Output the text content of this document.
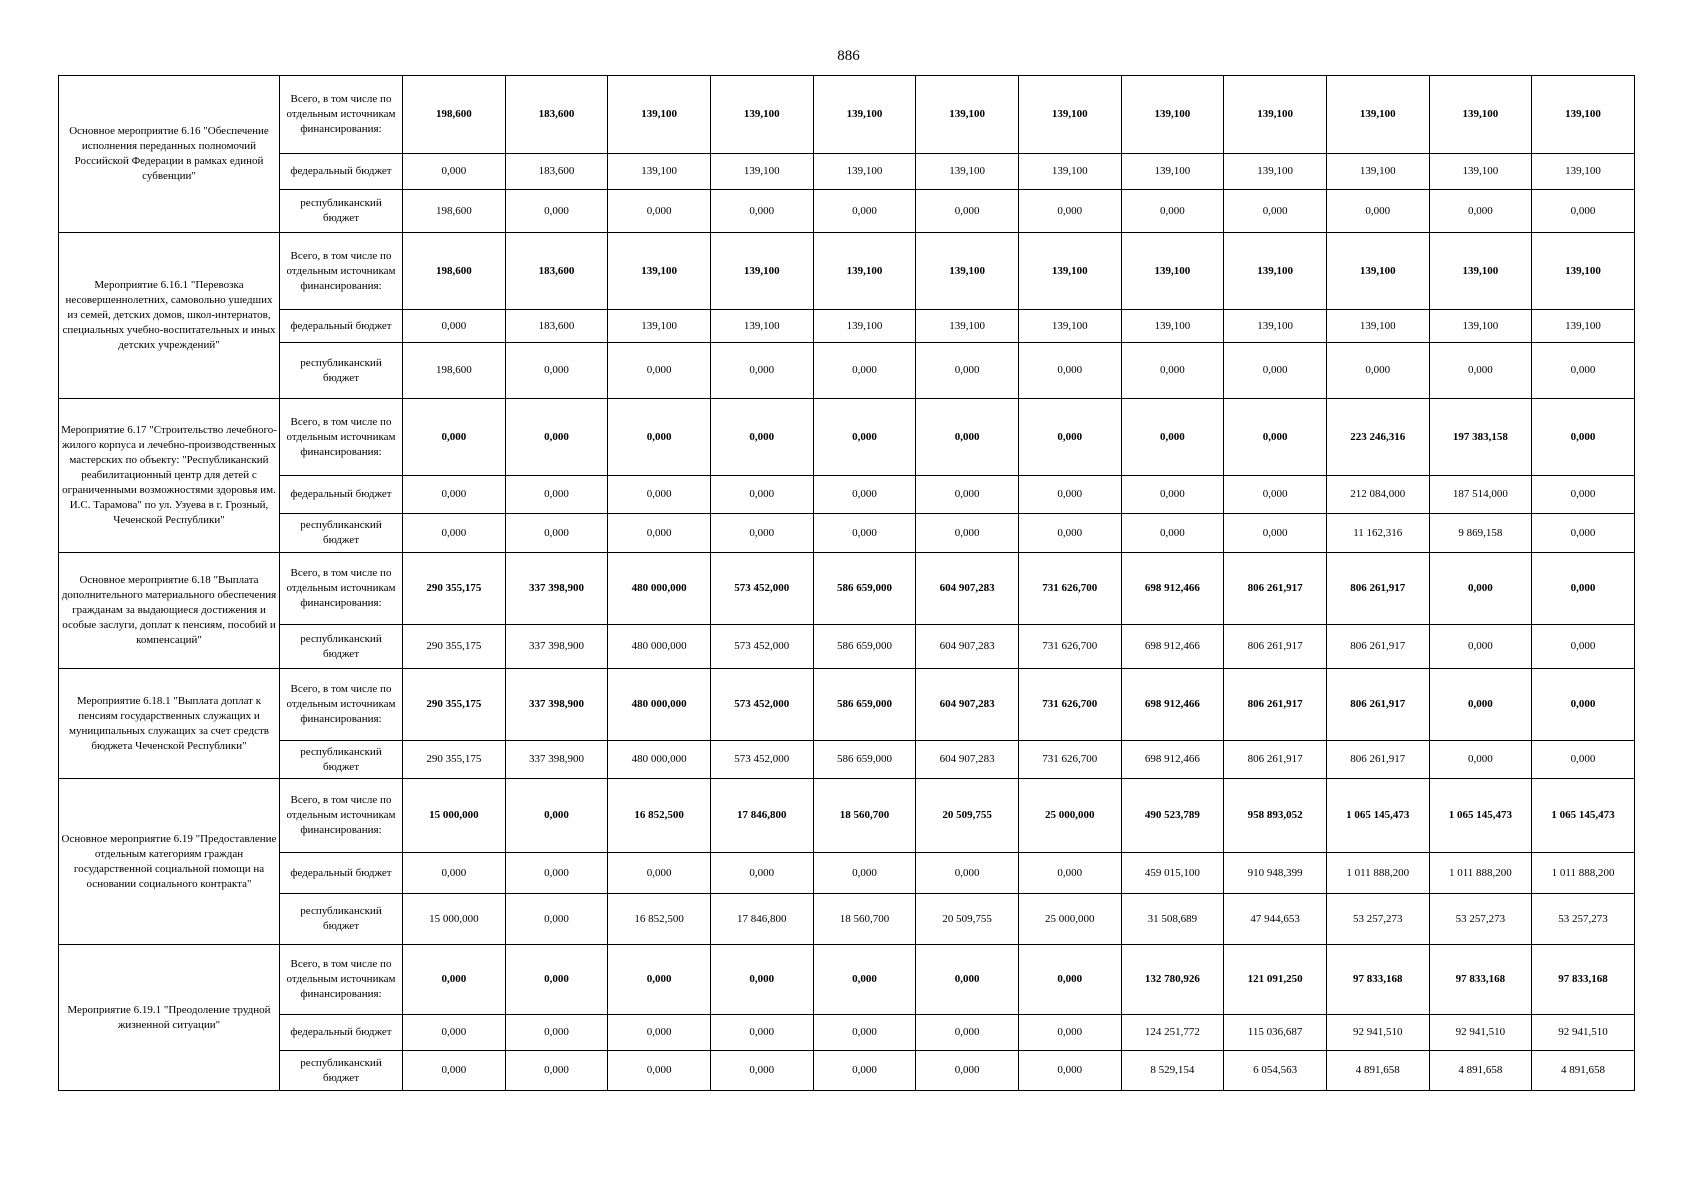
886
Основное мероприятие 6.16 "Обеспечение исполнения переданных полномочий Российской Федерации в рамках единой субвенции"	Всего, в том числе по отдельным источникам финансирования:	198,600	183,600	139,100	139,100	139,100	139,100	139,100	139,100	139,100	139,100	139,100	139,100
	федеральный бюджет	0,000	183,600	139,100	139,100	139,100	139,100	139,100	139,100	139,100	139,100	139,100	139,100
	республиканский бюджет	198,600	0,000	0,000	0,000	0,000	0,000	0,000	0,000	0,000	0,000	0,000	0,000
Мероприятие 6.16.1 "Перевозка несовершеннолетних, самовольно ушедших из семей, детских домов, школ-интернатов, специальных учебно-воспитательных и иных детских учреждений"	Всего, в том числе по отдельным источникам финансирования:	198,600	183,600	139,100	139,100	139,100	139,100	139,100	139,100	139,100	139,100	139,100	139,100
	федеральный бюджет	0,000	183,600	139,100	139,100	139,100	139,100	139,100	139,100	139,100	139,100	139,100	139,100
	республиканский бюджет	198,600	0,000	0,000	0,000	0,000	0,000	0,000	0,000	0,000	0,000	0,000	0,000
Мероприятие 6.17 "Строительство лечебного-жилого корпуса и лечебно-производственных мастерских по объекту: "Республиканский реабилитационный центр для детей с ограниченными возможностями здоровья им. И.С. Тарамова" по ул. Узуева в г. Грозный, Чеченской Республики"	Всего, в том числе по отдельным источникам финансирования:	0,000	0,000	0,000	0,000	0,000	0,000	0,000	0,000	0,000	223 246,316	197 383,158	0,000
	федеральный бюджет	0,000	0,000	0,000	0,000	0,000	0,000	0,000	0,000	0,000	212 084,000	187 514,000	0,000
	республиканский бюджет	0,000	0,000	0,000	0,000	0,000	0,000	0,000	0,000	0,000	11 162,316	9 869,158	0,000
Основное мероприятие 6.18 "Выплата дополнительного материального обеспечения гражданам за выдающиеся достижения и особые заслуги, доплат к пенсиям, пособий и компенсаций"	Всего, в том числе по отдельным источникам финансирования:	290 355,175	337 398,900	480 000,000	573 452,000	586 659,000	604 907,283	731 626,700	698 912,466	806 261,917	806 261,917	0,000	0,000
	республиканский бюджет	290 355,175	337 398,900	480 000,000	573 452,000	586 659,000	604 907,283	731 626,700	698 912,466	806 261,917	806 261,917	0,000	0,000
Мероприятие 6.18.1 "Выплата доплат к пенсиям государственных служащих и муниципальных служащих за счет средств бюджета Чеченской Республики"	Всего, в том числе по отдельным источникам финансирования:	290 355,175	337 398,900	480 000,000	573 452,000	586 659,000	604 907,283	731 626,700	698 912,466	806 261,917	806 261,917	0,000	0,000
	республиканский бюджет	290 355,175	337 398,900	480 000,000	573 452,000	586 659,000	604 907,283	731 626,700	698 912,466	806 261,917	806 261,917	0,000	0,000
Основное мероприятие 6.19 "Предоставление отдельным категориям граждан государственной социальной помощи на основании социального контракта"	Всего, в том числе по отдельным источникам финансирования:	15 000,000	0,000	16 852,500	17 846,800	18 560,700	20 509,755	25 000,000	490 523,789	958 893,052	1 065 145,473	1 065 145,473	1 065 145,473
	федеральный бюджет	0,000	0,000	0,000	0,000	0,000	0,000	0,000	459 015,100	910 948,399	1 011 888,200	1 011 888,200	1 011 888,200
	республиканский бюджет	15 000,000	0,000	16 852,500	17 846,800	18 560,700	20 509,755	25 000,000	31 508,689	47 944,653	53 257,273	53 257,273	53 257,273
Мероприятие 6.19.1 "Преодоление трудной жизненной ситуации"	Всего, в том числе по отдельным источникам финансирования:	0,000	0,000	0,000	0,000	0,000	0,000	0,000	132 780,926	121 091,250	97 833,168	97 833,168	97 833,168
	федеральный бюджет	0,000	0,000	0,000	0,000	0,000	0,000	0,000	124 251,772	115 036,687	92 941,510	92 941,510	92 941,510
	республиканский бюджет	0,000	0,000	0,000	0,000	0,000	0,000	0,000	8 529,154	6 054,563	4 891,658	4 891,658	4 891,658
